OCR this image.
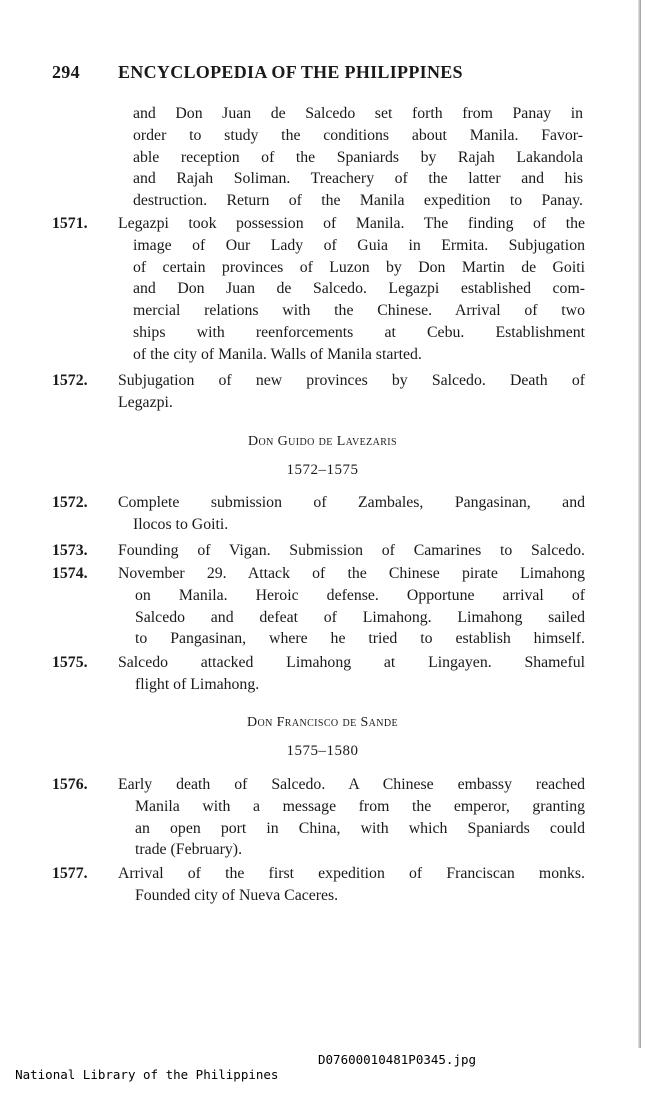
294 ENCYCLOPEDIA OF THE PHILIPPINES
and Don Juan de Salcedo set forth from Panay in
order to study the conditions about Manila. Favor-
able reception of the Spaniards by Rajah Lakandola
and Rajah Soliman. Treachery of the latter and his
destruction. Return of the Manila expedition to Panay.
1571. Legazpi took possession of Manila. The finding of the
image of Our Lady of Guia in Ermita. Subjugation
of certain provinces of Luzon by Don Martin de Goiti
and Don Juan de Salcedo. Legazpi established com-
mercial relations with the Chinese. Arrival of two
ships with reenforcements at Cebu. Establishment
of the city of Manila. Walls of Manila started.
1572. Subjugation of new provinces by Salcedo. Death of
Legazpi.
Don Guido de Lavezaris
1572–1575
1572. Complete submission of Zambales, Pangasinan, and
Ilocos to Goiti.
1573. Founding of Vigan. Submission of Camarines to Salcedo.
1574. November 29. Attack of the Chinese pirate Limahong
on Manila. Heroic defense. Opportune arrival of
Salcedo and defeat of Limahong. Limahong sailed
to Pangasinan, where he tried to establish himself.
1575. Salcedo attacked Limahong at Lingayen. Shameful
flight of Limahong.
Don Francisco de Sande
1575–1580
1576. Early death of Salcedo. A Chinese embassy reached
Manila with a message from the emperor, granting
an open port in China, with which Spaniards could
trade (February).
1577. Arrival of the first expedition of Franciscan monks.
Founded city of Nueva Caceres.

National Library of the Philippines

D07600010481P0345.jpg
